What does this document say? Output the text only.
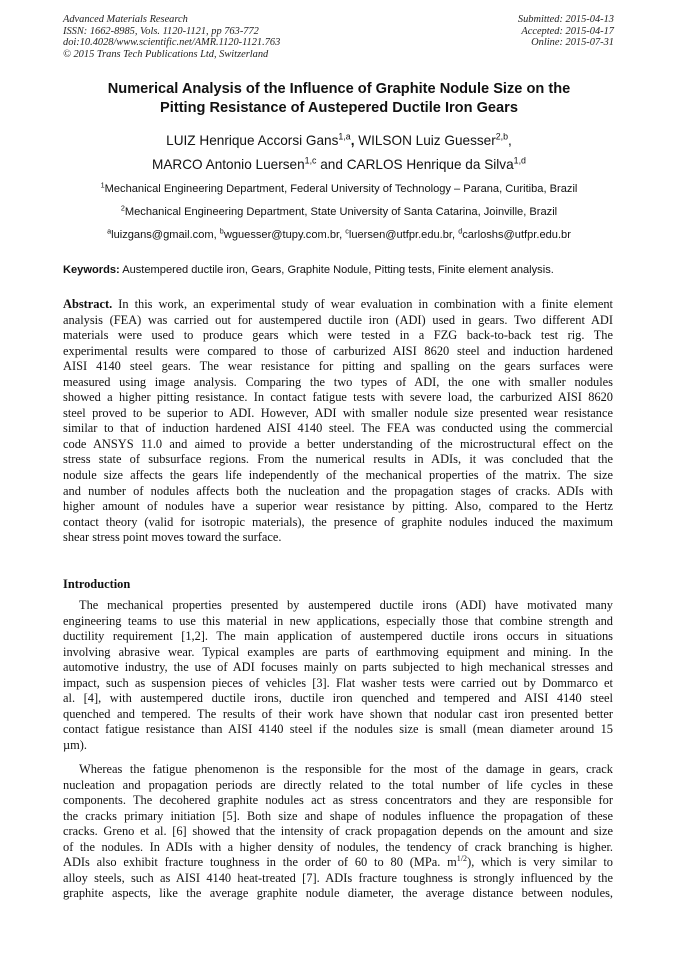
Advanced Materials Research
ISSN: 1662-8985, Vols. 1120-1121, pp 763-772
doi:10.4028/www.scientific.net/AMR.1120-1121.763
© 2015 Trans Tech Publications Ltd, Switzerland
Submitted: 2015-04-13
Accepted: 2015-04-17
Online: 2015-07-31
Numerical Analysis of the Influence of Graphite Nodule Size on the
Pitting Resistance of Austepered Ductile Iron Gears
LUIZ Henrique Accorsi Gans$^{1,a}$, WILSON Luiz Guesser$^{2,b}$,
MARCO Antonio Luersen$^{1,c}$ and CARLOS Henrique da Silva$^{1,d}$
$^1$Mechanical Engineering Department, Federal University of Technology – Parana, Curitiba, Brazil
$^2$Mechanical Engineering Department, State University of Santa Catarina, Joinville, Brazil
$^a$luizgans@gmail.com, $^b$wguesser@tupy.com.br, $^c$luersen@utfpr.edu.br, $^d$carloshs@utfpr.edu.br
Keywords: Austempered ductile iron, Gears, Graphite Nodule, Pitting tests, Finite element analysis.
Abstract. In this work, an experimental study of wear evaluation in combination with a finite element
analysis (FEA) was carried out for austempered ductile iron (ADI) used in gears. Two different ADI
materials were used to produce gears which were tested in a FZG back-to-back test rig. The
experimental results were compared to those of carburized AISI 8620 steel and induction hardened
AISI 4140 steel gears. The wear resistance for pitting and spalling on the gears surfaces were
measured using image analysis. Comparing the two types of ADI, the one with smaller nodules
showed a higher pitting resistance. In contact fatigue tests with severe load, the carburized AISI 8620
steel proved to be superior to ADI. However, ADI with smaller nodule size presented wear resistance
similar to that of induction hardened AISI 4140 steel. The FEA was conducted using the commercial
code ANSYS 11.0 and aimed to provide a better understanding of the microstructural effect on the
stress state of subsurface regions. From the numerical results in ADIs, it was concluded that the
nodule size affects the gears life independently of the mechanical properties of the matrix. The size
and number of nodules affects both the nucleation and the propagation stages of cracks. ADIs with
higher amount of nodules have a superior wear resistance by pitting. Also, compared to the Hertz
contact theory (valid for isotropic materials), the presence of graphite nodules induced the maximum
shear stress point moves toward the surface.
Introduction
The mechanical properties presented by austempered ductile irons (ADI) have motivated many
engineering teams to use this material in new applications, especially those that combine strength and
ductility requirement [1,2]. The main application of austempered ductile irons occurs in situations
involving abrasive wear. Typical examples are parts of earthmoving equipment and mining. In the
automotive industry, the use of ADI focuses mainly on parts subjected to high mechanical stresses and
impact, such as suspension pieces of vehicles [3]. Flat washer tests were carried out by Dommarco et
al. [4], with austempered ductile irons, ductile iron quenched and tempered and AISI 4140 steel
quenched and tempered. The results of their work have shown that nodular cast iron presented better
contact fatigue resistance than AISI 4140 steel if the nodules size is small (mean diameter around 15
µm).
Whereas the fatigue phenomenon is the responsible for the most of the damage in gears, crack
nucleation and propagation periods are directly related to the total number of life cycles in these
components. The decohered graphite nodules act as stress concentrators and they are responsible for
the cracks primary initiation [5]. Both size and shape of nodules influence the propagation of these
cracks. Greno et al. [6] showed that the intensity of crack propagation depends on the amount and size
of the nodules. In ADIs with a higher density of nodules, the tendency of crack branching is higher.
ADIs also exhibit fracture toughness in the order of 60 to 80 (MPa. $m^{1/2}$), which is very similar to
alloy steels, such as AISI 4140 heat-treated [7]. ADIs fracture toughness is strongly influenced by the
graphite aspects, like the average graphite nodule diameter, the average distance between nodules,
